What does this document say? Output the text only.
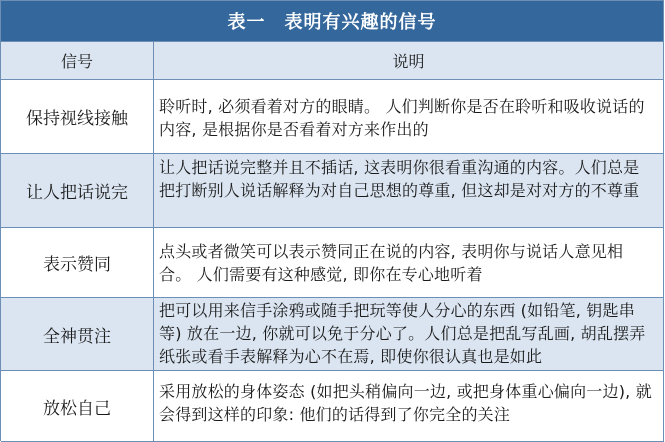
表一　表明有兴趣的信号
信号	说明
保持视线接触
聆听时, 必须看着对方的眼睛。 人们判断你是否在聆听和吸收说话的内容, 是根据你是否看着对方来作出的
让人把话说完
让人把话说完整并且不插话, 这表明你很看重沟通的内容。人们总是把打断别人说话解释为对自己思想的尊重, 但这却是对对方的不尊重
表示赞同
点头或者微笑可以表示赞同正在说的内容, 表明你与说话人意见相合。 人们需要有这种感觉, 即你在专心地听着
全神贯注
把可以用来信手涂鸦或随手把玩等使人分心的东西 (如铅笔, 钥匙串等) 放在一边, 你就可以免于分心了。人们总是把乱写乱画, 胡乱摆弄纸张或看手表解释为心不在焉, 即使你很认真也是如此
放松自己
采用放松的身体姿态 (如把头稍偏向一边, 或把身体重心偏向一边), 就会得到这样的印象: 他们的话得到了你完全的关注
